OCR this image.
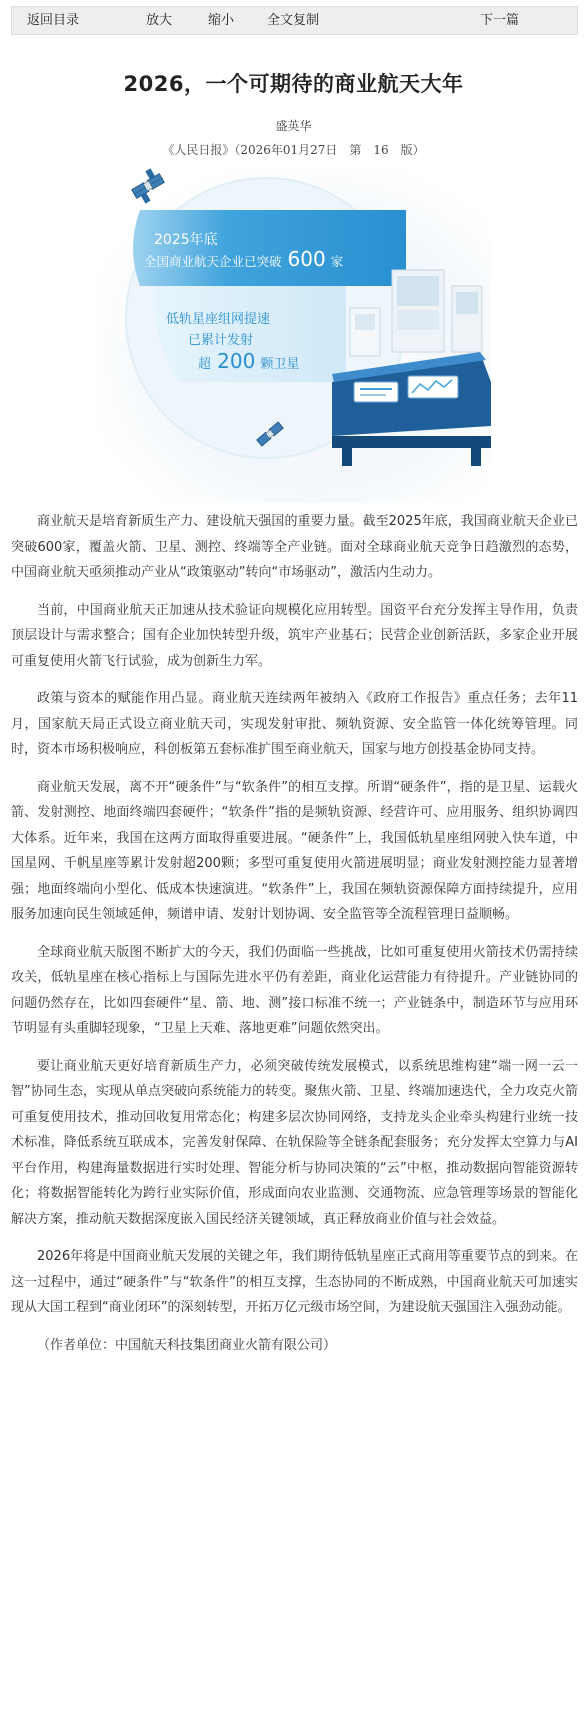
返回目录	放大	缩小	全文复制	下一篇
2026，一个可期待的商业航天大年
盛英华
《人民日报》（2026年01月27日　第　16　版）
2025年底
全国商业航天企业已突破 600 家
低轨星座组网提速
已累计发射
超 200 颗卫星

商业航天是培育新质生产力、建设航天强国的重要力量。截至2025年底，我国商业航天企业已突破600家，覆盖火箭、卫星、测控、终端等全产业链。面对全球商业航天竞争日趋激烈的态势，中国商业航天亟须推动产业从“政策驱动”转向“市场驱动”，激活内生动力。

当前，中国商业航天正加速从技术验证向规模化应用转型。国资平台充分发挥主导作用，负责顶层设计与需求整合；国有企业加快转型升级，筑牢产业基石；民营企业创新活跃，多家企业开展可重复使用火箭飞行试验，成为创新生力军。

政策与资本的赋能作用凸显。商业航天连续两年被纳入《政府工作报告》重点任务；去年11月，国家航天局正式设立商业航天司，实现发射审批、频轨资源、安全监管一体化统筹管理。同时，资本市场积极响应，科创板第五套标准扩围至商业航天，国家与地方创投基金协同支持。

商业航天发展，离不开“硬条件”与“软条件”的相互支撑。所谓“硬条件”，指的是卫星、运载火箭、发射测控、地面终端四套硬件；“软条件”指的是频轨资源、经营许可、应用服务、组织协调四大体系。近年来，我国在这两方面取得重要进展。“硬条件”上，我国低轨星座组网驶入快车道，中国星网、千帆星座等累计发射超200颗；多型可重复使用火箭进展明显；商业发射测控能力显著增强；地面终端向小型化、低成本快速演进。“软条件”上，我国在频轨资源保障方面持续提升，应用服务加速向民生领域延伸，频谱申请、发射计划协调、安全监管等全流程管理日益顺畅。

全球商业航天版图不断扩大的今天，我们仍面临一些挑战，比如可重复使用火箭技术仍需持续攻关，低轨星座在核心指标上与国际先进水平仍有差距，商业化运营能力有待提升。产业链协同的问题仍然存在，比如四套硬件“星、箭、地、测”接口标准不统一；产业链条中，制造环节与应用环节明显有头重脚轻现象，“卫星上天难、落地更难”问题依然突出。

要让商业航天更好培育新质生产力，必须突破传统发展模式，以系统思维构建“端一网一云一智”协同生态，实现从单点突破向系统能力的转变。聚焦火箭、卫星、终端加速迭代，全力攻克火箭可重复使用技术，推动回收复用常态化；构建多层次协同网络，支持龙头企业牵头构建行业统一技术标准，降低系统互联成本，完善发射保障、在轨保险等全链条配套服务；充分发挥太空算力与AI平台作用，构建海量数据进行实时处理、智能分析与协同决策的“云”中枢，推动数据向智能资源转化；将数据智能转化为跨行业实际价值，形成面向农业监测、交通物流、应急管理等场景的智能化解决方案，推动航天数据深度嵌入国民经济关键领域，真正释放商业价值与社会效益。

2026年将是中国商业航天发展的关键之年，我们期待低轨星座正式商用等重要节点的到来。在这一过程中，通过“硬条件”与“软条件”的相互支撑，生态协同的不断成熟，中国商业航天可加速实现从大国工程到“商业闭环”的深刻转型，开拓万亿元级市场空间，为建设航天强国注入强劲动能。

（作者单位：中国航天科技集团商业火箭有限公司）
